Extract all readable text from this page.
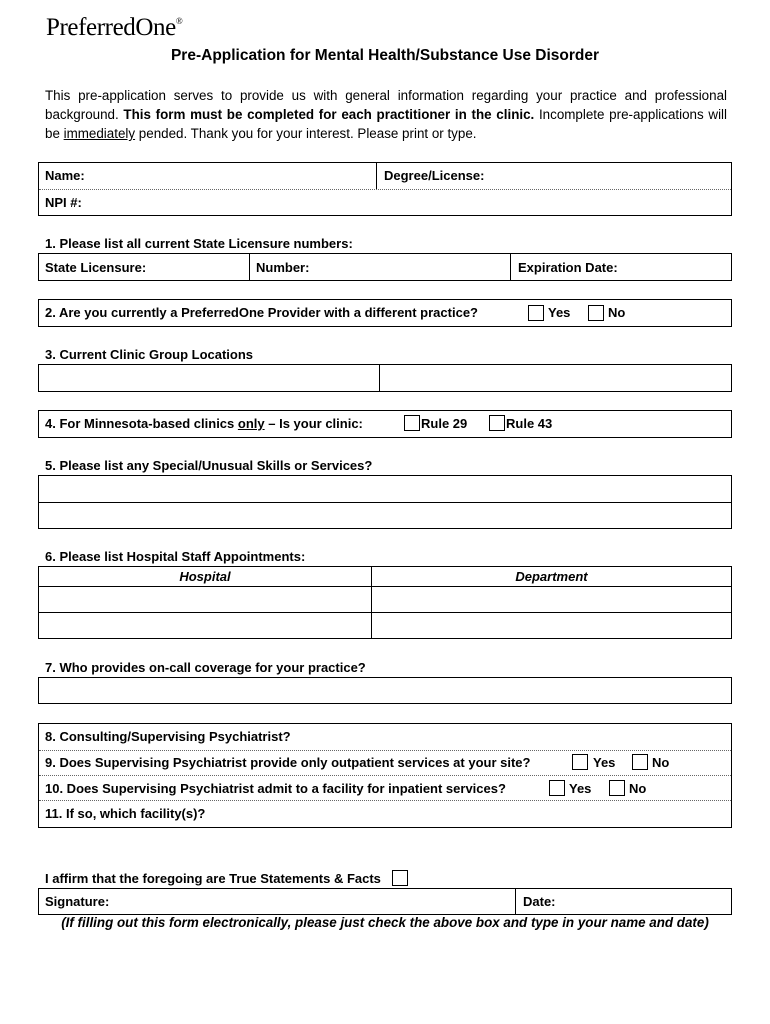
PreferredOne®
Pre-Application for Mental Health/Substance Use Disorder
This pre-application serves to provide us with general information regarding your practice and professional background. This form must be completed for each practitioner in the clinic. Incomplete pre-applications will be immediately pended. Thank you for your interest. Please print or type.
Name:	Degree/License:
NPI #:
1. Please list all current State Licensure numbers:
State Licensure:	Number:	Expiration Date:
2. Are you currently a PreferredOne Provider with a different practice?	Yes	No
3. Current Clinic Group Locations
4. For Minnesota-based clinics only – Is your clinic:	Rule 29	Rule 43
5. Please list any Special/Unusual Skills or Services?
6. Please list Hospital Staff Appointments:
Hospital	Department
7. Who provides on-call coverage for your practice?
8. Consulting/Supervising Psychiatrist?
9. Does Supervising Psychiatrist provide only outpatient services at your site?	Yes	No
10. Does Supervising Psychiatrist admit to a facility for inpatient services?	Yes	No
11. If so, which facility(s)?
I affirm that the foregoing are True Statements & Facts
Signature:	Date:
(If filling out this form electronically, please just check the above box and type in your name and date)
